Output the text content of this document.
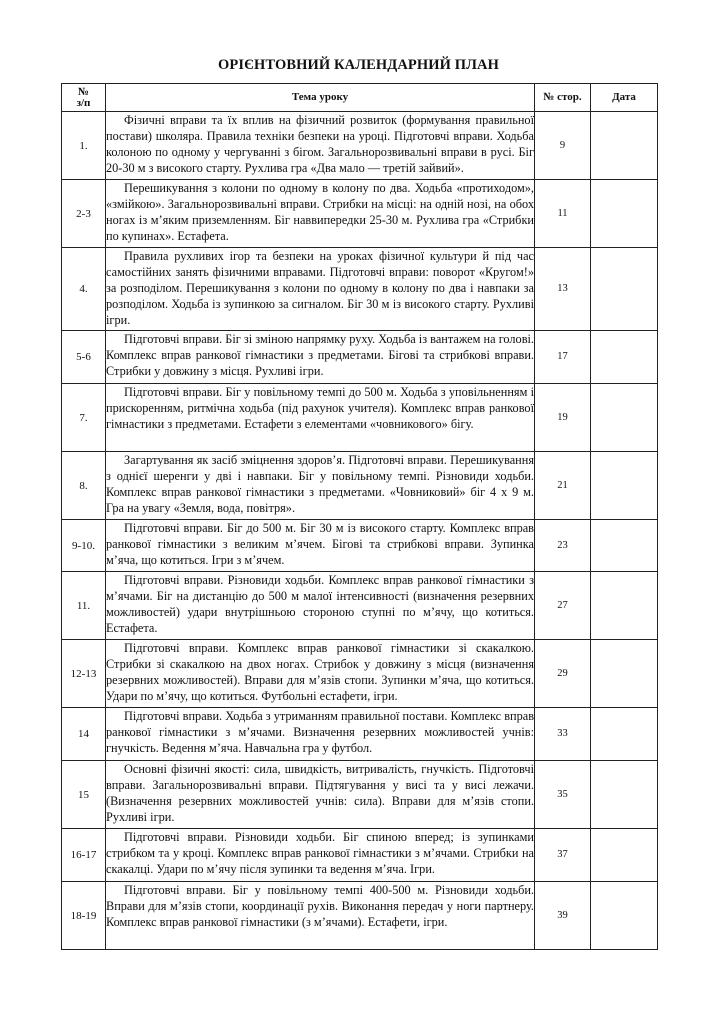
ОРІЄНТОВНИЙ КАЛЕНДАРНИЙ ПЛАН
№
з/п	Тема уроку	№ стор.	Дата
1.	Фізичні вправи та їх вплив на фізичний розвиток (формування правильної постави) школяра. Правила техніки безпеки на уроці. Підготовчі вправи. Ходьба колоною по одному у чергуванні з бігом. Загальнорозвивальні вправи в русі. Біг 20-30 м з високого старту. Рухлива гра «Два мало — третій зайвий».	9	
2-3	Перешикування з колони по одному в колону по два. Ходьба «протиходом», «змійкою». Загальнорозвивальні вправи. Стрибки на місці: на одній нозі, на обох ногах із м’яким приземленням. Біг наввипередки 25-30 м. Рухлива гра «Стрибки по купинах». Естафета.	11	
4.	Правила рухливих ігор та безпеки на уроках фізичної культури й під час самостійних занять фізичними вправами. Підготовчі вправи: поворот «Кругом!» за розподілом. Перешикування з колони по одному в колону по два і навпаки за розподілом. Ходьба із зупинкою за сигналом. Біг 30 м із високого старту. Рухливі ігри.	13	
5-6	Підготовчі вправи. Біг зі зміною напрямку руху. Ходьба із вантажем на голові. Комплекс вправ ранкової гімнастики з предметами. Бігові та стрибкові вправи. Стрибки у довжину з місця. Рухливі ігри.	17	
7.	Підготовчі вправи. Біг у повільному темпі до 500 м. Ходьба з уповільненням і прискоренням, ритмічна ходьба (під рахунок учителя). Комплекс вправ ранкової гімнастики з предметами. Естафети з елементами «човникового» бігу.	19	
8.	Загартування як засіб зміцнення здоров’я. Підготовчі вправи. Перешикування з однієї шеренги у дві і навпаки. Біг у повільному темпі. Різновиди ходьби. Комплекс вправ ранкової гімнастики з предметами. «Човниковий» біг 4 х 9 м. Гра на увагу «Земля, вода, повітря».	21	
9-10.	Підготовчі вправи. Біг до 500 м. Біг 30 м із високого старту. Комплекс вправ ранкової гімнастики з великим м’ячем. Бігові та стрибкові вправи. Зупинка м’яча, що котиться. Ігри з м’ячем.	23	
11.	Підготовчі вправи. Різновиди ходьби. Комплекс вправ ранкової гімнастики з м’ячами. Біг на дистанцію до 500 м малої інтенсивності (визначення резервних можливостей) удари внутрішньою стороною ступні по м’ячу, що котиться. Естафета.	27	
12-13	Підготовчі вправи. Комплекс вправ ранкової гімнастики зі скакалкою. Стрибки зі скакалкою на двох ногах. Стрибок у довжину з місця (визначення резервних можливостей). Вправи для м’язів стопи. Зупинки м’яча, що котиться. Удари по м’ячу, що котиться. Футбольні естафети, ігри.	29	
14	Підготовчі вправи. Ходьба з утриманням правильної постави. Комплекс вправ ранкової гімнастики з м’ячами. Визначення резервних можливостей учнів: гнучкість. Ведення м’яча. Навчальна гра у футбол.	33	
15	Основні фізичні якості: сила, швидкість, витривалість, гнучкість. Підготовчі вправи. Загальнорозвивальні вправи. Підтягування у висі та у висі лежачи. (Визначення резервних можливостей учнів: сила). Вправи для м’язів стопи. Рухливі ігри.	35	
16-17	Підготовчі вправи. Різновиди ходьби. Біг спиною вперед; із зупинками стрибком та у кроці. Комплекс вправ ранкової гімнастики з м’ячами. Стрибки на скакалці. Удари по м’ячу після зупинки та ведення м’яча. Ігри.	37	
18-19	Підготовчі вправи. Біг у повільному темпі 400-500 м. Різновиди ходьби. Вправи для м’язів стопи, координації рухів. Виконання передач у ноги партнеру. Комплекс вправ ранкової гімнастики (з м’ячами). Естафети, ігри.	39	
